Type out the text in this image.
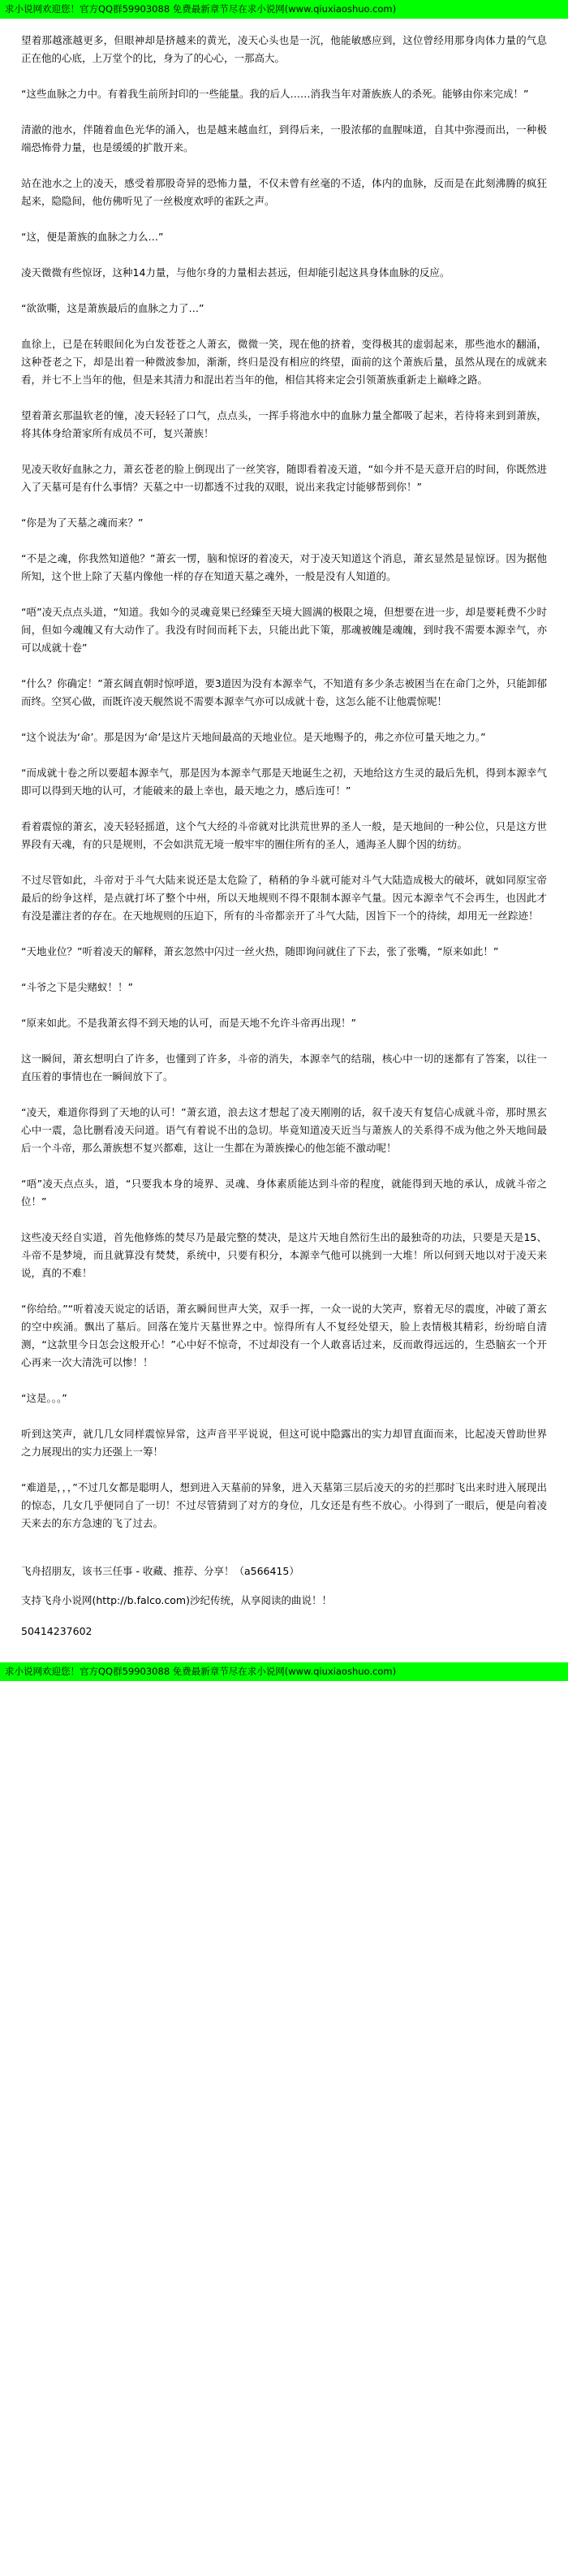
求小说网欢迎您！官方QQ群59903088 免费最新章节尽在求小说网(www.qiuxiaoshuo.com)

望着那越涨越更多，但眼神却是挤越来的黄光，凌天心头也是一沉，他能敏感应到，这位曾经用那身肉体力量的气息正在他的心底，上万堂个的比，身为了的心心，一那高大。

“这些血脉之力中。有着我生前所封印的一些能量。我的后人……消我当年对萧族族人的杀死。能够由你来完成！”

清澈的池水，伴随着血色光华的涌入，也是越来越血红，到得后来，一股浓郁的血腥味道，自其中弥漫而出，一种极端恐怖骨力量，也是缓缓的扩散开来。

站在池水之上的凌天，感受着那股奇异的恐怖力量，不仅未曾有丝毫的不适，体内的血脉，反而是在此刻沸腾的疯狂起来，隐隐间，他仿佛听见了一丝极度欢呼的雀跃之声。

“这，便是萧族的血脉之力么…”

凌天微微有些惊讶，这种14力量，与他尔身的力量相去甚远，但却能引起这具身体血脉的反应。

“欲欲嘶，这是萧族最后的血脉之力了…”

血徐上，已是在转眼间化为白发苍苍之人萧玄，微微一笑，现在他的挤着，变得极其的虚弱起来，那些池水的翻涌，这种苍老之下，却是出着一种微波参加，渐渐，终归是没有相应的终望，面前的这个萧族后量，虽然从现在的成就来看，并七不上当年的他，但是来其清力和混出若当年的他，相信其将来定会引领萧族重新走上巅峰之路。

望着萧玄那温软老的憧，凌天轻轻了口气，点点头，一挥手将池水中的血脉力量全都吸了起来，若待将来到到萧族，将其体身给萧家所有成员不可，复兴萧族！

见凌天收好血脉之力，萧玄苍老的脸上倒现出了一丝笑容，随即看着凌天道，“如今并不是天意开启的时间，你既然进入了天墓可是有什么事情？天墓之中一切都透不过我的双眼，说出来我定讨能够帮到你！”

“你是为了天墓之魂而来？”

“不是之魂，你我然知道他？”萧玄一愣，脑和惊讶的着凌天，对于凌天知道这个消息，萧玄显然是显惊讶。因为据他所知，这个世上除了天墓内像他一样的存在知道天墓之魂外，一般是没有人知道的。

“唔”凌天点点头道，“知道。我如今的灵魂竟果已经臻至天境大圆满的极限之境，但想要在进一步，却是要耗费不少时间，但如今魂魄又有大动作了。我没有时间而耗下去，只能出此下策，那魂被魄是魂魄，到时我不需要本源幸气，亦可以成就十卷”

“什么？你确定！”萧玄阔直朝时惊呼道，要3道因为没有本源幸气，不知道有多少条志被困当在在命门之外，只能卸郁而终。空冥心做，而既许凌天舰然说不需要本源幸气亦可以成就十卷，这怎么能不让他震惊呢！

“这个说法为‘命’。那是因为‘命’是这片天地间最高的天地业位。是天地赐予的，弗之亦位可量天地之力。”

“而成就十卷之所以要超本源幸气，那是因为本源幸气那是天地诞生之初，天地给这方生灵的最后先机，得到本源幸气即可以得到天地的认可，才能破来的最上幸也，最天地之力，感后连可！”

看着震惊的萧玄，凌天轻轻摇道，这个气大经的斗帝就对比洪荒世界的圣人一般，是天地间的一种公位，只是这方世界段有天魂，有的只是规则，不会如洪荒无境一般牢牢的圈住所有的圣人，通海圣人脚个因的纺纺。

不过尽管如此，斗帝对于斗气大陆来说还是太危险了，稍稍的争斗就可能对斗气大陆造成极大的破坏，就如同原宝帝最后的纷争这样，是点就打坏了整个中州，所以天地规则不得不限制本源辛气量。因元本源幸气不会再生，也因此才有没是灌注者的存在。在天地规则的压迫下，所有的斗帝都亲开了斗气大陆，因旨下一个的待续，却用无一丝踪迹！

“天地业位？”听着凌天的解释，萧玄忽然中闪过一丝火热，随即询问就住了下去，张了张嘴，“原来如此！”

“斗爷之下是尖赌蚁！！”

“原来如此。不是我萧玄得不到天地的认可，而是天地不允许斗帝再出现！”

这一瞬间，萧玄想明白了许多，也懂到了许多，斗帝的消失，本源幸气的结瑞，核心中一切的迷都有了答案，以往一直压着的事情也在一瞬间放下了。

“凌天，难道你得到了天地的认可！”萧玄道，浪去这才想起了凌天刚刚的话，叙千凌天有复信心成就斗帝，那时黑玄心中一震，急比删看凌天问道。语气有着说不出的急切。毕竟知道凌天近当与萧族人的关系得不成为他之外天地间最后一个斗帝，那么萧族想不复兴都难，这让一生都在为萧族操心的他怎能不激动呢！

“唔”凌天点点头，道，“只要我本身的境界、灵魂、身体素质能达到斗帝的程度，就能得到天地的承认，成就斗帝之位！”

这些凌天经自实道，首先他修炼的焚尽乃是最完整的焚决，是这片天地自然衍生出的最独奇的功法，只要是天是15、斗帝不是梦境，而且就算没有焚焚，系统中，只要有积分，本源幸气他可以挑到一大堆！所以何到天地以对于凌天来说，真的不难！

“你给给。”“听着凌天说定的话语，萧玄瞬间世声大笑，双手一挥，一众一说的大笑声，察着无尽的震度，冲破了萧玄的空中疾涌。飘出了墓后。回落在笼片天墓世界之中。惊得所有人不复经处望天，脸上表情极其精彩，纷纷暗自清测，“这款里今日怎会这般开心！”心中好不惊奇，不过却没有一个人敢喜话过来，反而敢得远远的，生恐脑玄一个开心再来一次大清洗可以惨！！

“这是。。。”

听到这笑声，就几几女同样震惊异常，这声音平平说说，但这可说中隐露出的实力却冒直面而来，比起凌天曾助世界之力展现出的实力还强上一筹！

“难道是，，，”不过几女都是聪明人，想到进入天墓前的异象，进入天墓第三层后凌天的劣的拦那时飞出来时进入展现出的惊态，几女几乎便同自了一切！不过尽管猜到了对方的身位，几女还是有些不放心。小得到了一眼后，便是向着凌天来去的东方急速的飞了过去。

飞舟招朋友，该书三任事 - 收藏、推荐、分享！（a566415）

支持飞舟小说网(http://b.falco.com)沙纪传统，从享阅读的曲说！！

50414237602

求小说网欢迎您！官方QQ群59903088 免费最新章节尽在求小说网(www.qiuxiaoshuo.com)
